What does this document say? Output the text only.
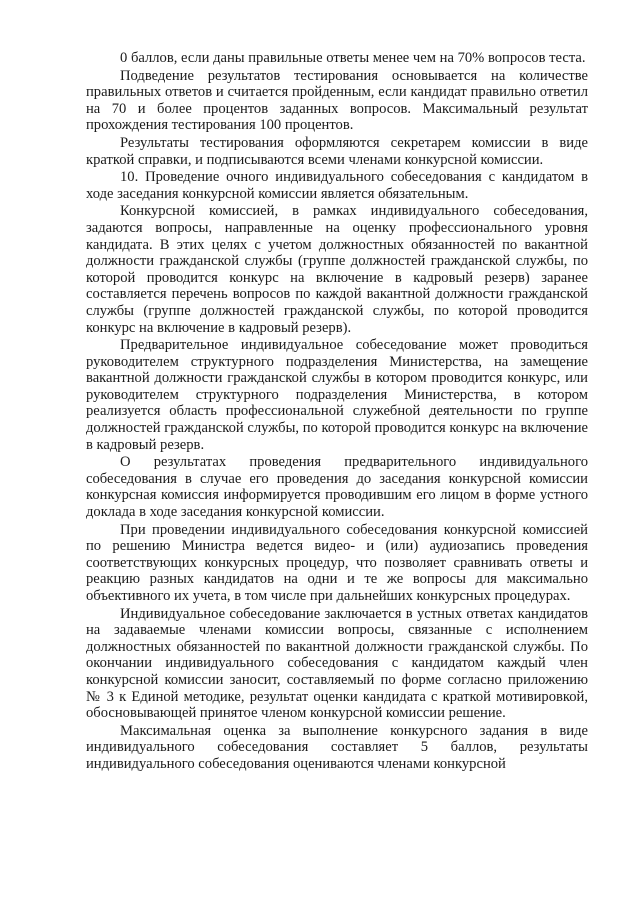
0 баллов, если даны правильные ответы менее чем на 70% вопросов теста.

Подведение результатов тестирования основывается на количестве правильных ответов и считается пройденным, если кандидат правильно ответил на 70 и более процентов заданных вопросов. Максимальный результат прохождения тестирования 100 процентов.

Результаты тестирования оформляются секретарем комиссии в виде краткой справки, и подписываются всеми членами конкурсной комиссии.

10. Проведение очного индивидуального собеседования с кандидатом в ходе заседания конкурсной комиссии является обязательным.

Конкурсной комиссией, в рамках индивидуального собеседования, задаются вопросы, направленные на оценку профессионального уровня кандидата. В этих целях с учетом должностных обязанностей по вакантной должности гражданской службы (группе должностей гражданской службы, по которой проводится конкурс на включение в кадровый резерв) заранее составляется перечень вопросов по каждой вакантной должности гражданской службы (группе должностей гражданской службы, по которой проводится конкурс на включение в кадровый резерв).

Предварительное индивидуальное собеседование может проводиться руководителем структурного подразделения Министерства, на замещение вакантной должности гражданской службы в котором проводится конкурс, или руководителем структурного подразделения Министерства, в котором реализуется область профессиональной служебной деятельности по группе должностей гражданской службы, по которой проводится конкурс на включение в кадровый резерв.

О результатах проведения предварительного индивидуального собеседования в случае его проведения до заседания конкурсной комиссии конкурсная комиссия информируется проводившим его лицом в форме устного доклада в ходе заседания конкурсной комиссии.

При проведении индивидуального собеседования конкурсной комиссией по решению Министра ведется видео- и (или) аудиозапись проведения соответствующих конкурсных процедур, что позволяет сравнивать ответы и реакцию разных кандидатов на одни и те же вопросы для максимально объективного их учета, в том числе при дальнейших конкурсных процедурах.

Индивидуальное собеседование заключается в устных ответах кандидатов на задаваемые членами комиссии вопросы, связанные с исполнением должностных обязанностей по вакантной должности гражданской службы. По окончании индивидуального собеседования с кандидатом каждый член конкурсной комиссии заносит, составляемый по форме согласно приложению № 3 к Единой методике, результат оценки кандидата с краткой мотивировкой, обосновывающей принятое членом конкурсной комиссии решение.

Максимальная оценка за выполнение конкурсного задания в виде индивидуального собеседования составляет 5 баллов, результаты индивидуального собеседования оцениваются членами конкурсной
